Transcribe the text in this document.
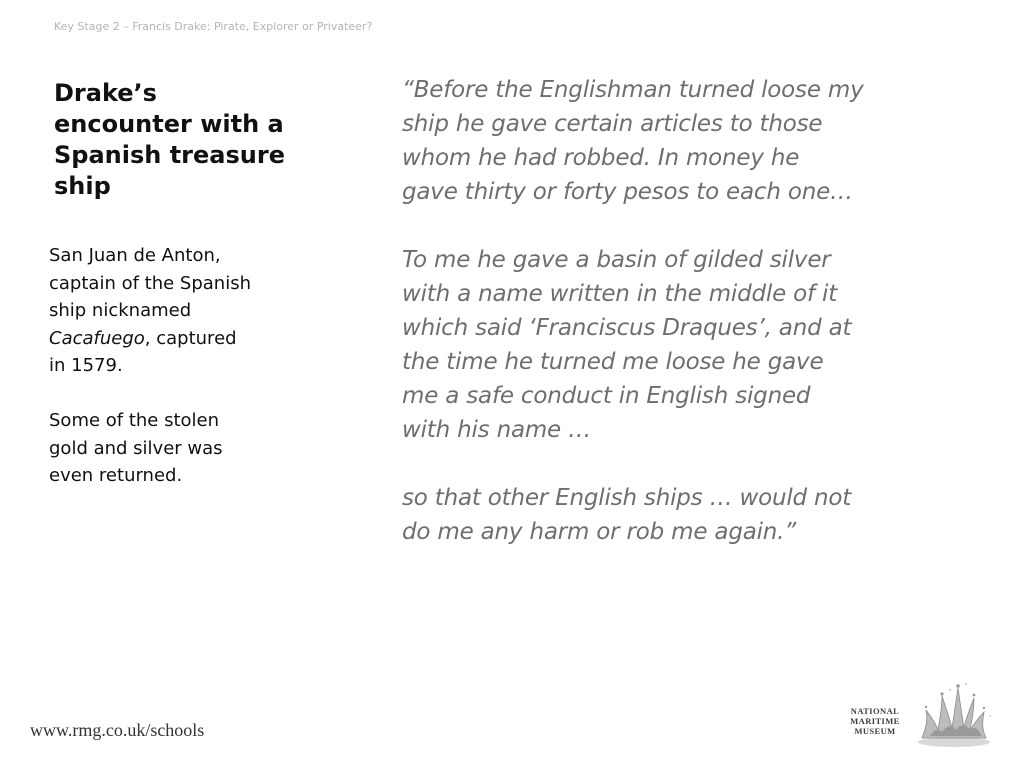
Key Stage 2 – Francis Drake: Pirate, Explorer or Privateer?
Drake’s
encounter with a
Spanish treasure
ship

San Juan de Anton,
captain of the Spanish
ship nicknamed
Cacafuego, captured
in 1579.

Some of the stolen
gold and silver was
even returned.

“Before the Englishman turned loose my
ship he gave certain articles to those
whom he had robbed. In money he
gave thirty or forty pesos to each one…

To me he gave a basin of gilded silver
with a name written in the middle of it
which said ‘Franciscus Draques’, and at
the time he turned me loose he gave
me a safe conduct in English signed
with his name …

so that other English ships … would not
do me any harm or rob me again.”

www.rmg.co.uk/schools
NATIONAL
MARITIME
MUSEUM
